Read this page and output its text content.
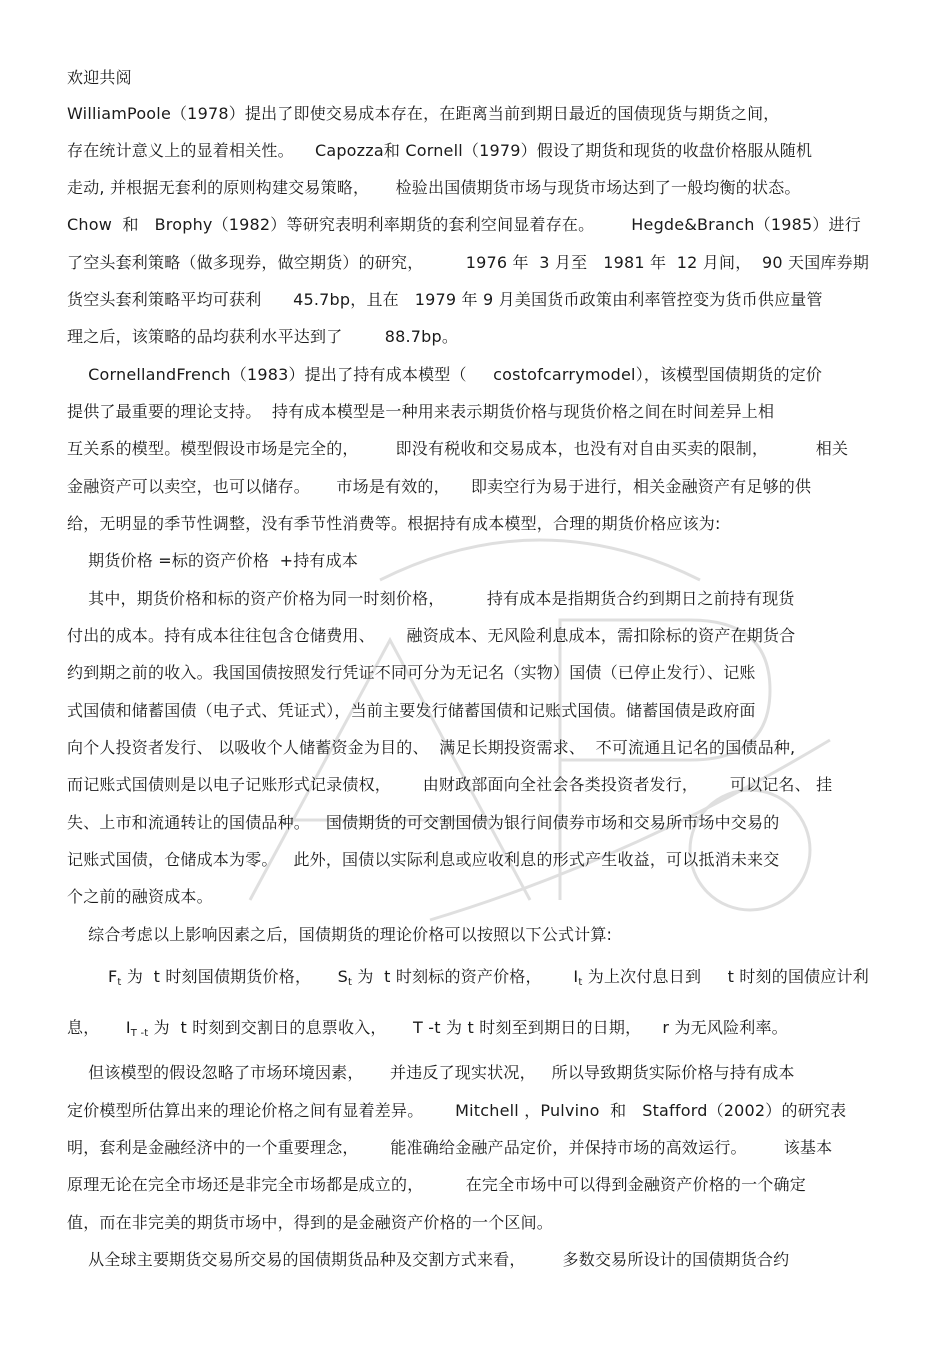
欢迎共阅
WilliamPoole（1978）提出了即使交易成本存在，在距离当前到期日最近的国债现货与期货之间，
存在统计意义上的显着相关性。    Capozza和 Cornell（1979）假设了期货和现货的收盘价格服从随机
走动, 并根据无套利的原则构建交易策略，     检验出国债期货市场与现货市场达到了一般均衡的状态。
Chow  和   Brophy（1982）等研究表明利率期货的套利空间显着存在。       Hegde&Branch（1985）进行
了空头套利策略（做多现券，做空期货）的研究，        1976 年  3 月至   1981 年  12 月间，  90 天国库券期
货空头套利策略平均可获利      45.7bp，且在   1979 年 9 月美国货币政策由利率管控变为货币供应量管
理之后，该策略的品均获利水平达到了        88.7bp。
CornellandFrench（1983）提出了持有成本模型（     costofcarrymodel），该模型国债期货的定价
提供了最重要的理论支持。  持有成本模型是一种用来表示期货价格与现货价格之间在时间差异上相
互关系的模型。模型假设市场是完全的，       即没有税收和交易成本，也没有对自由买卖的限制，         相关
金融资产可以卖空，也可以储存。     市场是有效的，    即卖空行为易于进行，相关金融资产有足够的供
给，无明显的季节性调整，没有季节性消费等。根据持有成本模型，合理的期货价格应该为:
期货价格 =标的资产价格  +持有成本
其中，期货价格和标的资产价格为同一时刻价格，        持有成本是指期货合约到期日之前持有现货
付出的成本。持有成本往往包含仓储费用、      融资成本、无风险利息成本，需扣除标的资产在期货合
约到期之前的收入。我国国债按照发行凭证不同可分为无记名（实物）国债（已停止发行）、记账
式国债和储蓄国债（电子式、凭证式），当前主要发行储蓄国债和记账式国债。储蓄国债是政府面
向个人投资者发行、 以吸收个人储蓄资金为目的、  满足长期投资需求、  不可流通且记名的国债品种,
而记账式国债则是以电子记账形式记录债权，      由财政部面向全社会各类投资者发行，      可以记名、 挂
失、上市和流通转让的国债品种。   国债期货的可交割国债为银行间债券市场和交易所市场中交易的
记账式国债，仓储成本为零。   此外，国债以实际利息或应收利息的形式产生收益，可以抵消未来交
个之前的融资成本。
综合考虑以上影响因素之后，国债期货的理论价格可以按照以下公式计算:
$F_t$ 为  t 时刻国债期货价格，     $S_t$ 为  t 时刻标的资产价格，      $I_t$ 为上次付息日到     t 时刻的国债应计利
息，     $I_{T -t}$ 为  t 时刻到交割日的息票收入，     T -t 为 t 时刻至到期日的日期，    r 为无风险利率。
但该模型的假设忽略了市场环境因素，     并违反了现实状况，   所以导致期货实际价格与持有成本
定价模型所估算出来的理论价格之间有显着差异。      Mitchell ，Pulvino  和   Stafford（2002）的研究表
明，套利是金融经济中的一个重要理念，      能准确给金融产品定价，并保持市场的高效运行。       该基本
原理无论在完全市场还是非完全市场都是成立的，        在完全市场中可以得到金融资产价格的一个确定
值，而在非完美的期货市场中，得到的是金融资产价格的一个区间。
从全球主要期货交易所交易的国债期货品种及交割方式来看，       多数交易所设计的国债期货合约
